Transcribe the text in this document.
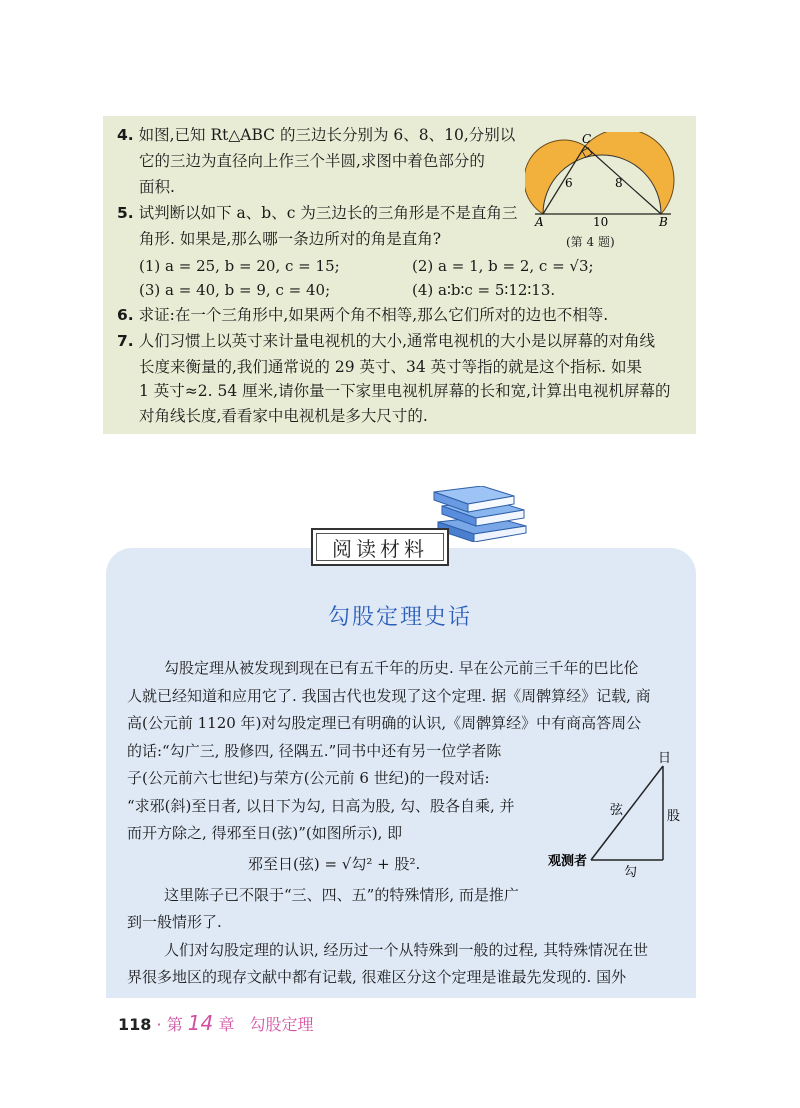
4. 如图,已知 Rt△ABC 的三边长分别为 6、8、10,分别以
它的三边为直径向上作三个半圆,求图中着色部分的
面积.
5. 试判断以如下 a、b、c 为三边长的三角形是不是直角三
角形. 如果是,那么哪一条边所对的角是直角?
(1) a = 25, b = 20, c = 15;	(2) a = 1, b = 2, c = √3;
(3) a = 40, b = 9, c = 40;	(4) a∶b∶c = 5∶12∶13.
6. 求证:在一个三角形中,如果两个角不相等,那么它们所对的边也不相等.
7. 人们习惯上以英寸来计量电视机的大小,通常电视机的大小是以屏幕的对角线
长度来衡量的,我们通常说的 29 英寸、34 英寸等指的就是这个指标. 如果
1 英寸≈2. 54 厘米,请你量一下家里电视机屏幕的长和宽,计算出电视机屏幕的
对角线长度,看看家中电视机是多大尺寸的.
C
A	B
6	8
10
(第 4 题)
阅读材料
勾股定理史话
勾股定理从被发现到现在已有五千年的历史. 早在公元前三千年的巴比伦
人就已经知道和应用它了. 我国古代也发现了这个定理. 据《周髀算经》记载, 商
高(公元前 1120 年)对勾股定理已有明确的认识,《周髀算经》中有商高答周公
的话:“勾广三, 股修四, 径隅五.”同书中还有另一位学者陈
子(公元前六七世纪)与荣方(公元前 6 世纪)的一段对话:
“求邪(斜)至日者, 以日下为勾, 日高为股, 勾、股各自乘, 并
而开方除之, 得邪至日(弦)”(如图所示), 即
邪至日(弦) = √勾² + 股².
这里陈子已不限于“三、四、五”的特殊情形, 而是推广
到一般情形了.
人们对勾股定理的认识, 经历过一个从特殊到一般的过程, 其特殊情况在世
界很多地区的现存文献中都有记载, 很难区分这个定理是谁最先发现的. 国外
日
弦	股
勾
观测者
118 · 第 14 章 勾股定理
